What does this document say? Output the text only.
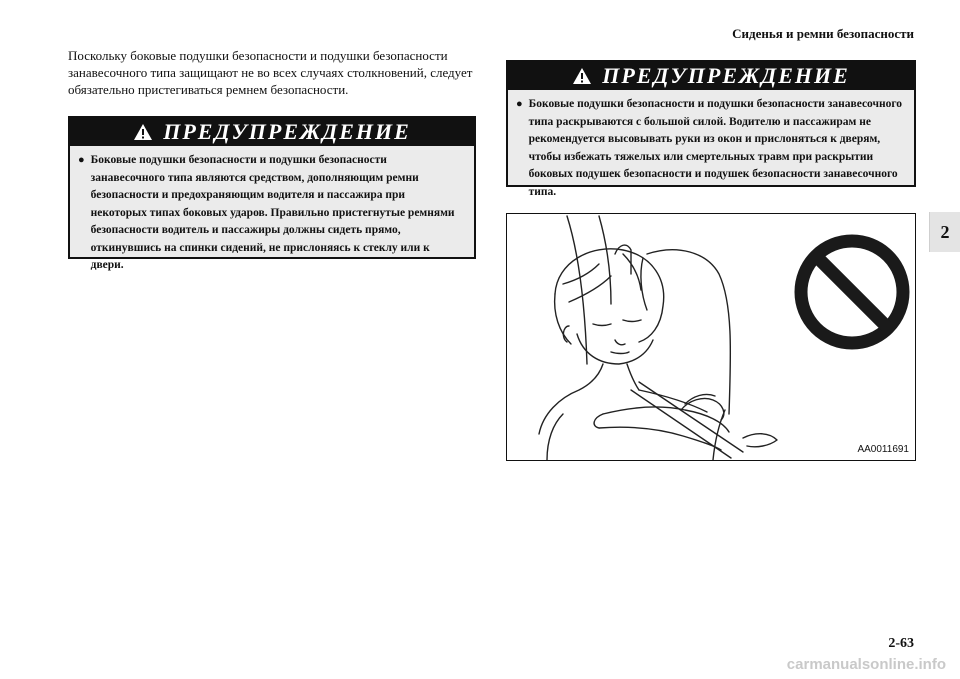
Сиденья и ремни безопасности
2

Поскольку боковые подушки безопасности и подушки безопасности занавесочного типа защищают не во всех случаях столкновений, следует обязательно пристегиваться ремнем безопасности.

ПРЕДУПРЕЖДЕНИЕ
● Боковые подушки безопасности и подушки безопасности занавесочного типа являются средством, дополняющим ремни безопасности и предохраняющим водителя и пассажира при некоторых типах боковых ударов. Правильно пристегнутые ремнями безопасности водитель и пассажиры должны сидеть прямо, откинувшись на спинки сидений, не прислоняясь к стеклу или к двери.
ПРЕДУПРЕЖДЕНИЕ
● Боковые подушки безопасности и подушки безопасности занавесочного типа раскрываются с большой силой. Водителю и пассажирам не рекомендуется высовывать руки из окон и прислоняться к дверям, чтобы избежать тяжелых или смертельных травм при раскрытии боковых подушек безопасности и подушек безопасности занавесочного типа.
AA0011691
2-63
carmanualsonline.info
